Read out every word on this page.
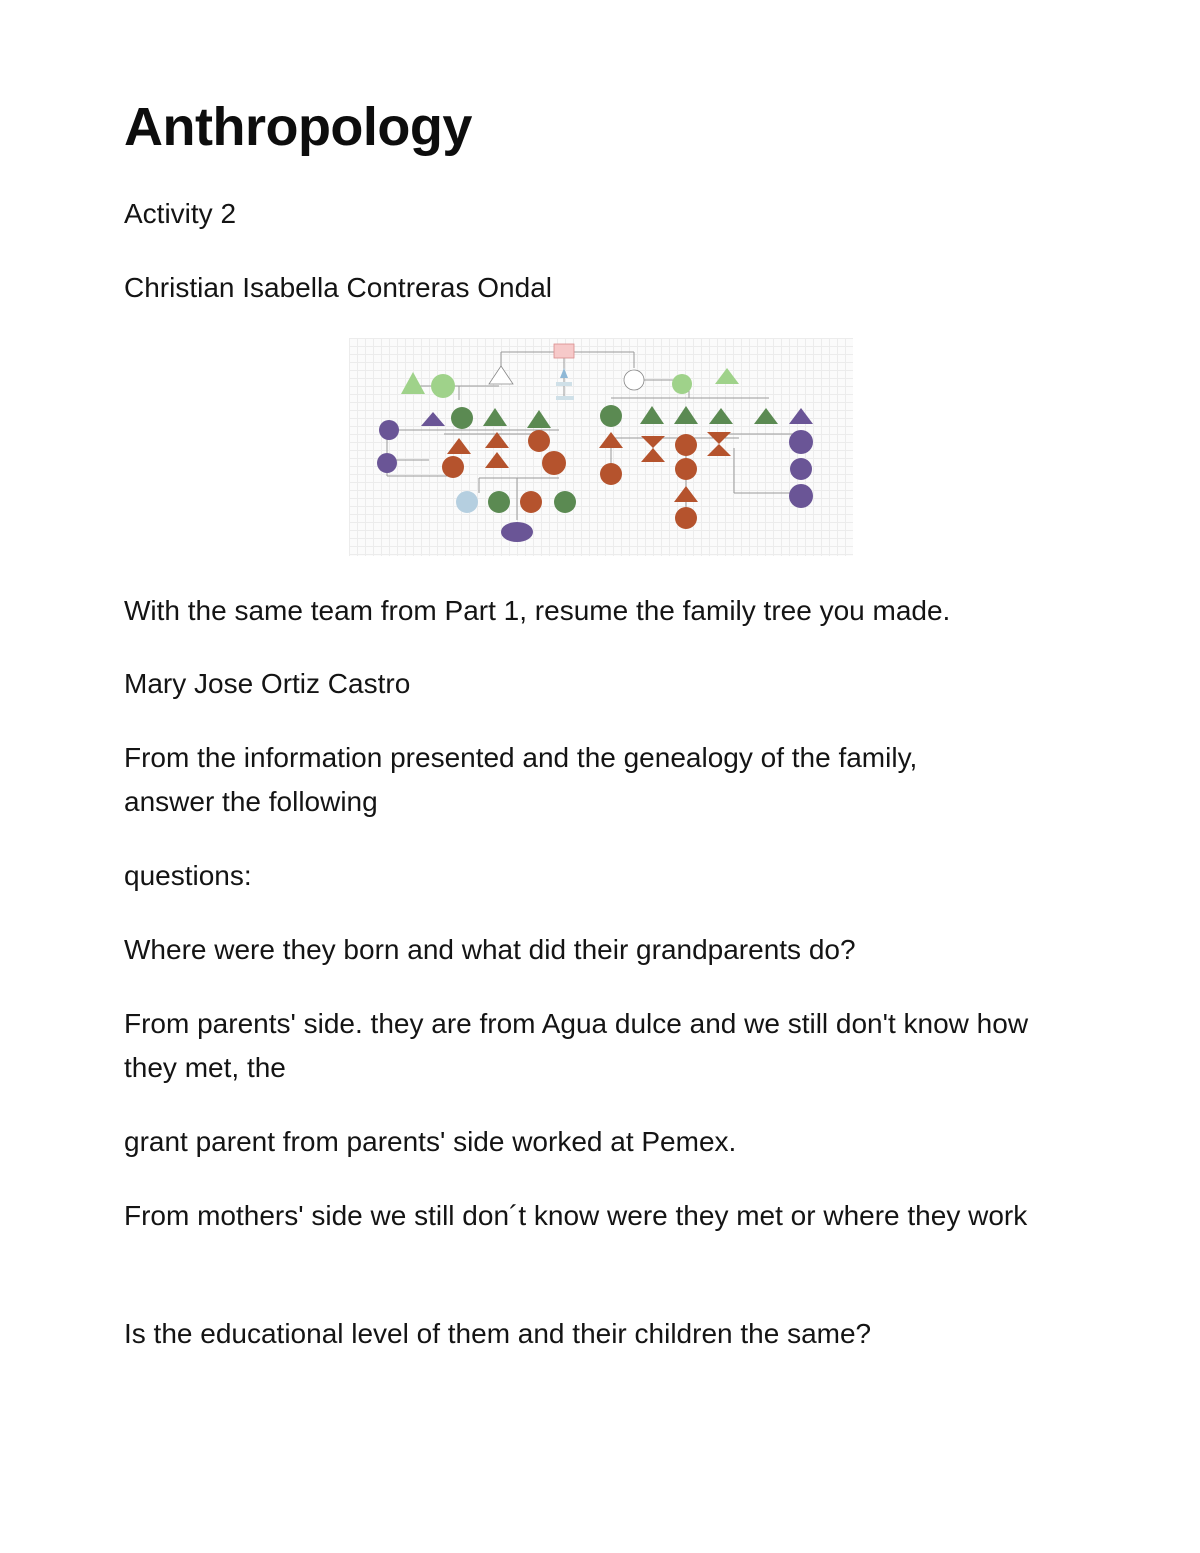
Anthropology

Activity 2

Christian Isabella Contreras Ondal

With the same team from Part 1, resume the family tree you made.

Mary Jose Ortiz Castro

From the information presented and the genealogy of the family, answer the following

questions:

Where were they born and what did their grandparents do?

From parents' side. they are from Agua dulce and we still don't know how they met, the

grant parent from parents' side worked at Pemex.

From mothers' side we still don´t know were they met or where they work

Is the educational level of them and their children the same?
